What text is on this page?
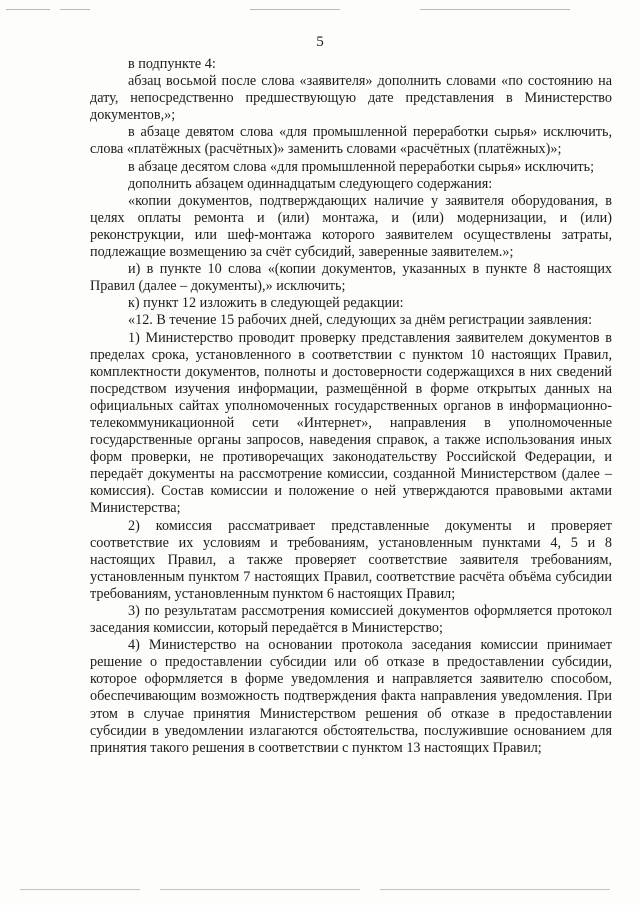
5

в подпункте 4:

абзац восьмой после слова «заявителя» дополнить словами «по состоянию на дату, непосредственно предшествующую дате представления в Министерство документов,»;

в абзаце девятом слова «для промышленной переработки сырья» исключить, слова «платёжных (расчётных)» заменить словами «расчётных (платёжных)»;

в абзаце десятом слова «для промышленной переработки сырья» исключить;

дополнить абзацем одиннадцатым следующего содержания:

«копии документов, подтверждающих наличие у заявителя оборудования, в целях оплаты ремонта и (или) монтажа, и (или) модернизации, и (или) реконструкции, или шеф-монтажа которого заявителем осуществлены затраты, подлежащие возмещению за счёт субсидий, заверенные заявителем.»;

и) в пункте 10 слова «(копии документов, указанных в пункте 8 настоящих Правил (далее – документы),» исключить;

к) пункт 12 изложить в следующей редакции:

«12. В течение 15 рабочих дней, следующих за днём регистрации заявления:

1) Министерство проводит проверку представления заявителем документов в пределах срока, установленного в соответствии с пунктом 10 настоящих Правил, комплектности документов, полноты и достоверности содержащихся в них сведений посредством изучения информации, размещённой в форме открытых данных на официальных сайтах уполномоченных государственных органов в информационно-телекоммуникационной сети «Интернет», направления в уполномоченные государственные органы запросов, наведения справок, а также использования иных форм проверки, не противоречащих законодательству Российской Федерации, и передаёт документы на рассмотрение комиссии, созданной Министерством (далее – комиссия). Состав комиссии и положение о ней утверждаются правовыми актами Министерства;

2) комиссия рассматривает представленные документы и проверяет соответствие их условиям и требованиям, установленным пунктами 4, 5 и 8 настоящих Правил, а также проверяет соответствие заявителя требованиям, установленным пунктом 7 настоящих Правил, соответствие расчёта объёма субсидии требованиям, установленным пунктом 6 настоящих Правил;

3) по результатам рассмотрения комиссией документов оформляется протокол заседания комиссии, который передаётся в Министерство;

4) Министерство на основании протокола заседания комиссии принимает решение о предоставлении субсидии или об отказе в предоставлении субсидии, которое оформляется в форме уведомления и направляется заявителю способом, обеспечивающим возможность подтверждения факта направления уведомления. При этом в случае принятия Министерством решения об отказе в предоставлении субсидии в уведомлении излагаются обстоятельства, послужившие основанием для принятия такого решения в соответствии с пунктом 13 настоящих Правил;
